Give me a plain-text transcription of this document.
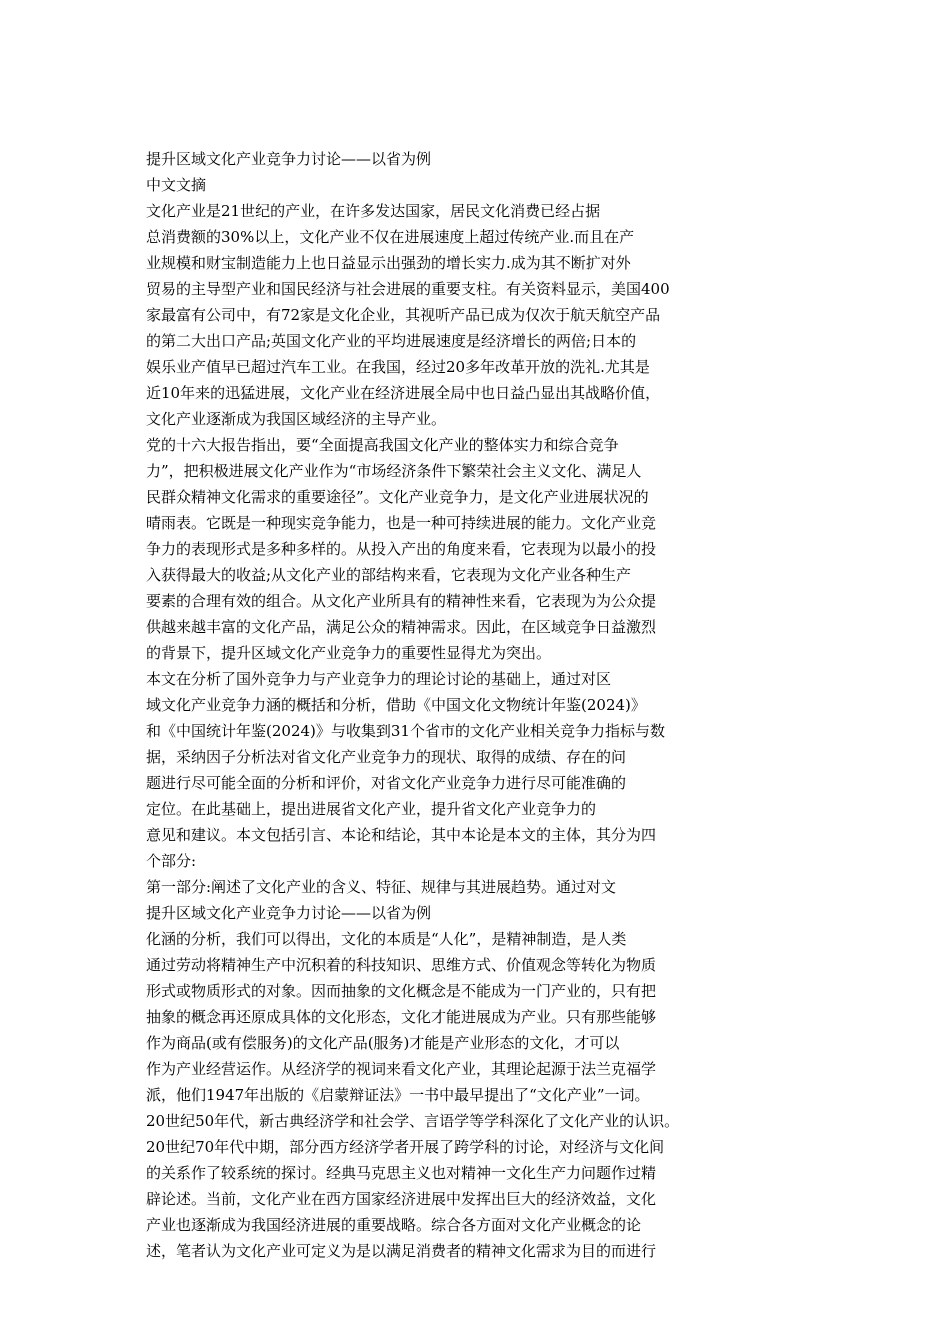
提升区域文化产业竞争力讨论——以省为例
中文文摘
文化产业是21世纪的产业，在许多发达国家，居民文化消费已经占据
总消费额的30%以上，文化产业不仅在进展速度上超过传统产业.而且在产
业规模和财宝制造能力上也日益显示出强劲的增长实力.成为其不断扩对外
贸易的主导型产业和国民经济与社会进展的重要支柱。有关资料显示，美国400
家最富有公司中，有72家是文化企业，其视听产品已成为仅次于航天航空产品
的第二大出口产品;英国文化产业的平均进展速度是经济增长的两倍;日本的
娱乐业产值早已超过汽车工业。在我国，经过20多年改革开放的洗礼.尤其是
近10年来的迅猛进展，文化产业在经济进展全局中也日益凸显出其战略价值，
文化产业逐渐成为我国区域经济的主导产业。
党的十六大报告指出，要“全面提高我国文化产业的整体实力和综合竞争
力”，把积极进展文化产业作为“市场经济条件下繁荣社会主义文化、满足人
民群众精神文化需求的重要途径”。文化产业竞争力，是文化产业进展状况的
晴雨表。它既是一种现实竞争能力，也是一种可持续进展的能力。文化产业竞
争力的表现形式是多种多样的。从投入产出的角度来看，它表现为以最小的投
入获得最大的收益;从文化产业的部结构来看，它表现为文化产业各种生产
要素的合理有效的组合。从文化产业所具有的精神性来看，它表现为为公众提
供越来越丰富的文化产品，满足公众的精神需求。因此，在区域竞争日益激烈
的背景下，提升区域文化产业竞争力的重要性显得尤为突出。
本文在分析了国外竞争力与产业竞争力的理论讨论的基础上，通过对区
域文化产业竞争力涵的概括和分析，借助《中国文化文物统计年鉴(2024)》
和《中国统计年鉴(2024)》与收集到31个省市的文化产业相关竞争力指标与数
据，采纳因子分析法对省文化产业竞争力的现状、取得的成绩、存在的问
题进行尽可能全面的分析和评价，对省文化产业竞争力进行尽可能准确的
定位。在此基础上，提出进展省文化产业，提升省文化产业竞争力的
意见和建议。本文包括引言、本论和结论，其中本论是本文的主体，其分为四
个部分:
第一部分:阐述了文化产业的含义、特征、规律与其进展趋势。通过对文
提升区域文化产业竞争力讨论——以省为例
化涵的分析，我们可以得出，文化的本质是“人化”，是精神制造，是人类
通过劳动将精神生产中沉积着的科技知识、思维方式、价值观念等转化为物质
形式或物质形式的对象。因而抽象的文化概念是不能成为一门产业的，只有把
抽象的概念再还原成具体的文化形态，文化才能进展成为产业。只有那些能够
作为商品(或有偿服务)的文化产品(服务)才能是产业形态的文化，才可以
作为产业经营运作。从经济学的视词来看文化产业，其理论起源于法兰克福学
派，他们1947年出版的《启蒙辩证法》一书中最早提出了“文化产业”一词。
20世纪50年代，新古典经济学和社会学、言语学等学科深化了文化产业的认识。
20世纪70年代中期，部分西方经济学者开展了跨学科的讨论，对经济与文化间
的关系作了较系统的探讨。经典马克思主义也对精神一文化生产力问题作过精
辟论述。当前，文化产业在西方国家经济进展中发挥出巨大的经济效益，文化
产业也逐渐成为我国经济进展的重要战略。综合各方面对文化产业概念的论
述，笔者认为文化产业可定义为是以满足消费者的精神文化需求为目的而进行
